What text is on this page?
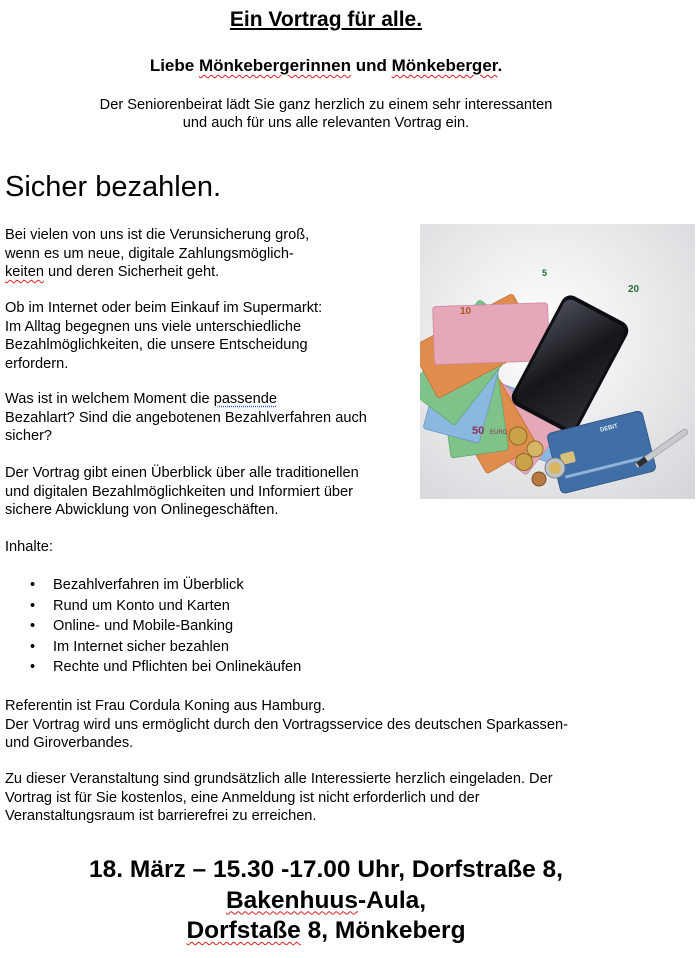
Ein Vortrag für alle.
Liebe Mönkebergerinnen und Mönkeberger.
Der Seniorenbeirat lädt Sie ganz herzlich zu einem sehr interessanten
und auch für uns alle relevanten Vortrag ein.
Sicher bezahlen.
Bei vielen von uns ist die Verunsicherung groß,
wenn es um neue, digitale Zahlungsmöglich-
keiten und deren Sicherheit geht.
Ob im Internet oder beim Einkauf im Supermarkt:
Im Alltag begegnen uns viele unterschiedliche
Bezahlmöglichkeiten, die unsere Entscheidung
erfordern.
Was ist in welchem Moment die passende
Bezahlart? Sind die angebotenen Bezahlverfahren auch
sicher?
Der Vortrag gibt einen Überblick über alle traditionellen
und digitalen Bezahlmöglichkeiten und Informiert über
sichere Abwicklung von Onlinegeschäften.
Inhalte:
• Bezahlverfahren im Überblick
• Rund um Konto und Karten
• Online- und Mobile-Banking
• Im Internet sicher bezahlen
• Rechte und Pflichten bei Onlinekäufen
Referentin ist Frau Cordula Koning aus Hamburg.
Der Vortrag wird uns ermöglicht durch den Vortragsservice des deutschen Sparkassen-
und Giroverbandes.
Zu dieser Veranstaltung sind grundsätzlich alle Interessierte herzlich eingeladen. Der
Vortrag ist für Sie kostenlos, eine Anmeldung ist nicht erforderlich und der
Veranstaltungsraum ist barrierefrei zu erreichen.
18. März – 15.30 -17.00 Uhr, Dorfstraße 8,
Bakenhuus-Aula,
Dorfstaße 8, Mönkeberg
50 EURO
20
10
5
DEBIT
